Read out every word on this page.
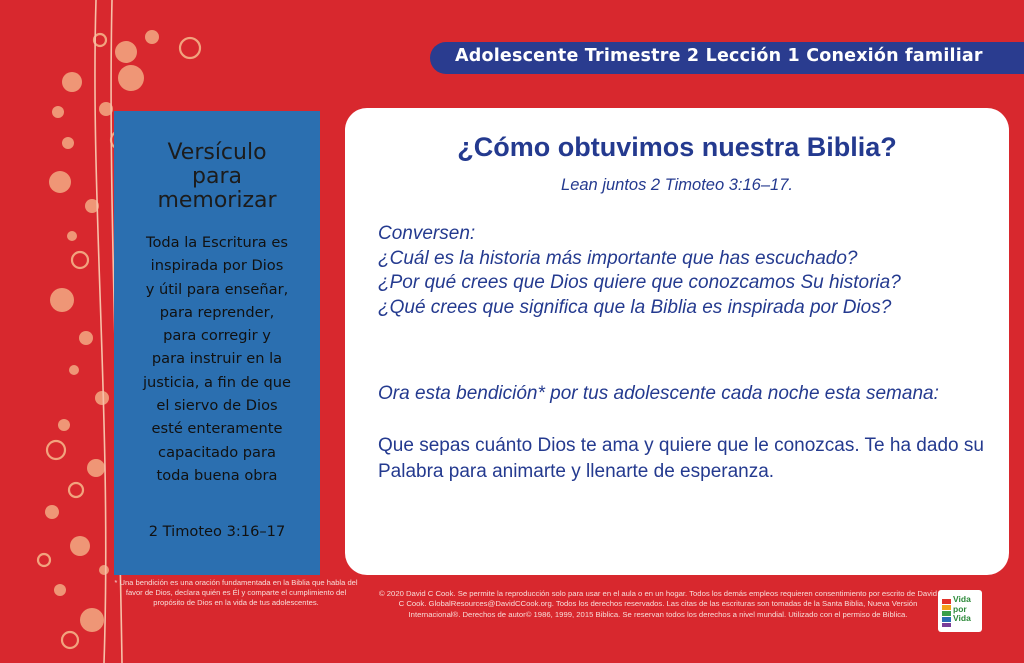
Adolescente Trimestre 2 Lección 1 Conexión familiar
Versículo
para
memorizar
Toda la Escritura es
inspirada por Dios
y útil para enseñar,
para reprender,
para corregir y
para instruir en la
justicia, a fin de que
el siervo de Dios
esté enteramente
capacitado para
toda buena obra
2 Timoteo 3:16–17
* Una bendición es una oración fundamentada en la Biblia que habla del favor de Dios, declara quién es Él y comparte el cumplimiento del propósito de Dios en la vida de tus adolescentes.
¿Cómo obtuvimos nuestra Biblia?
Lean juntos 2 Timoteo 3:16–17.
Conversen:
¿Cuál es la historia más importante que has escuchado?
¿Por qué crees que Dios quiere que conozcamos Su historia?
¿Qué crees que significa que la Biblia es inspirada por Dios?
Ora esta bendición* por tus adolescente cada noche esta semana:
Que sepas cuánto Dios te ama y quiere que le conozcas. Te ha dado su Palabra para animarte y llenarte de esperanza.
© 2020 David C Cook. Se permite la reproducción solo para usar en el aula o en un hogar. Todos los demás empleos requieren consentimiento por escrito de David C Cook. GlobalResources@DavidCCook.org. Todos los derechos reservados. Las citas de las escrituras son tomadas de la Santa Biblia, Nueva Versión Internacional®. Derechos de autor© 1986, 1999, 2015 Biblica. Se reservan todos los derechos a nivel mundial. Utilizado con el permiso de Biblica.
Vida
por
Vida
